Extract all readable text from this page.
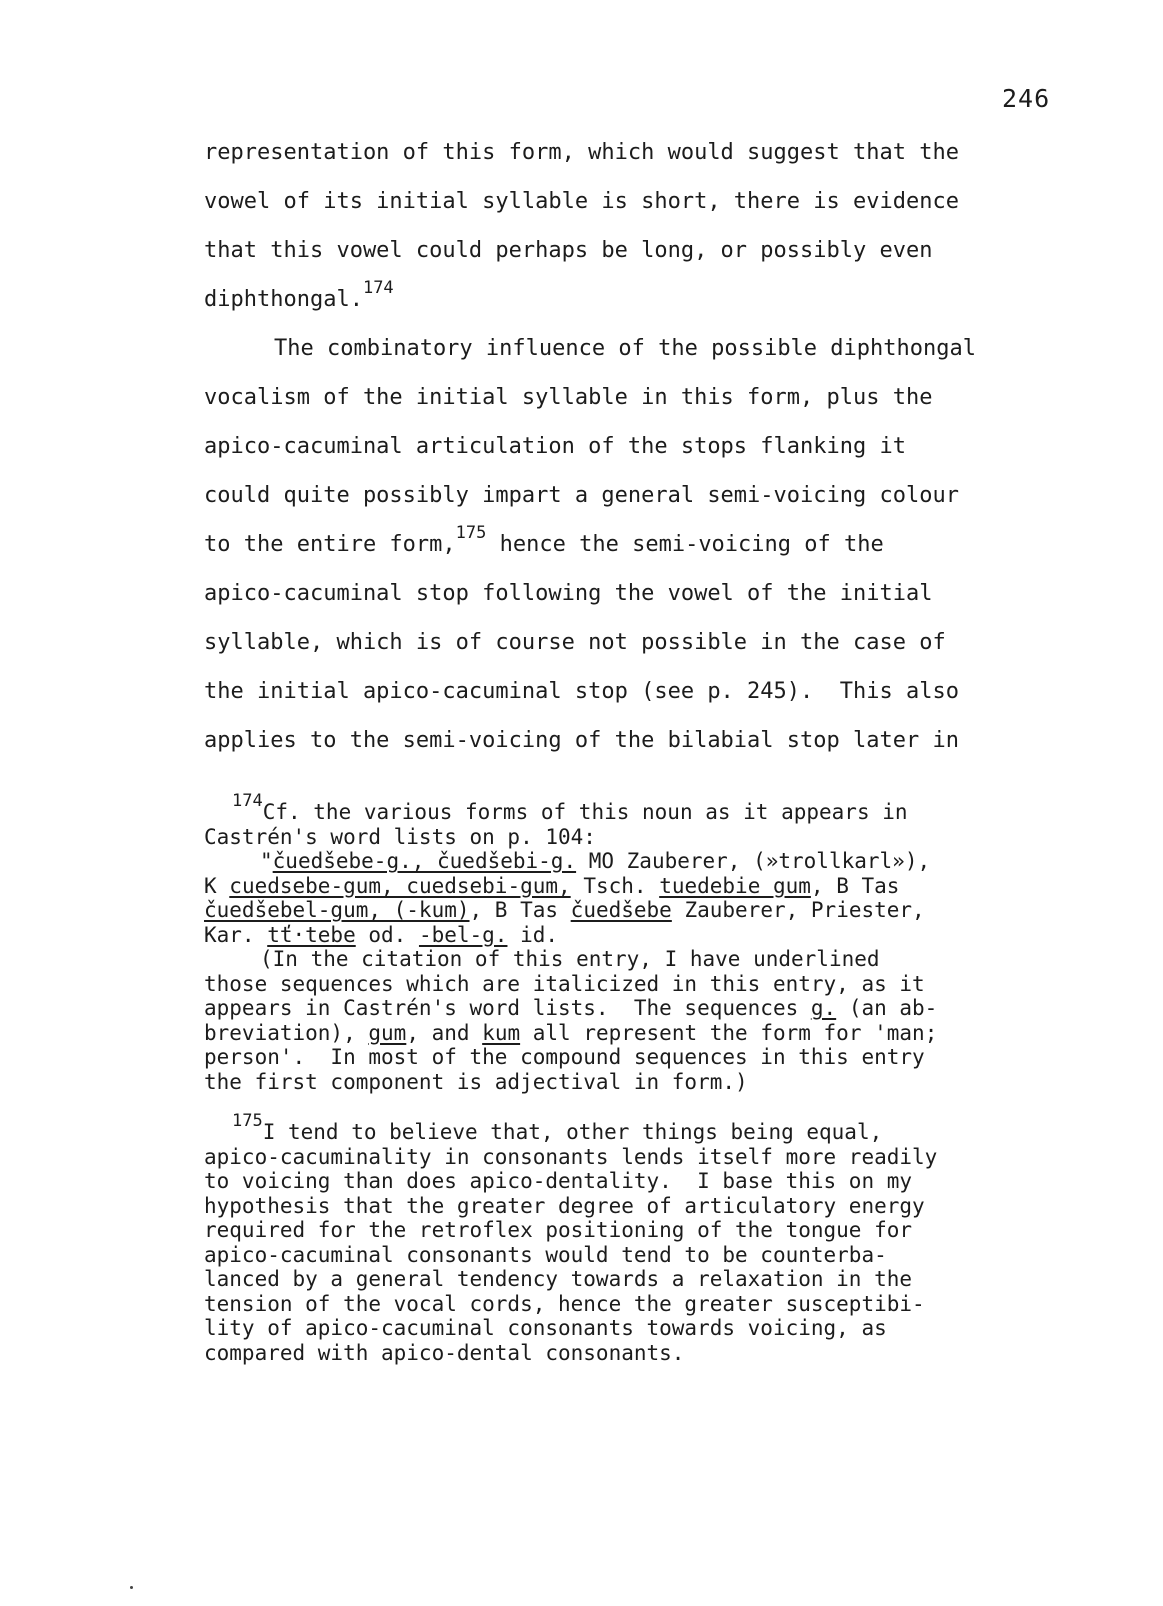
246
representation of this form, which would suggest that the
vowel of its initial syllable is short, there is evidence
that this vowel could perhaps be long, or possibly even
diphthongal.$^{174}$
The combinatory influence of the possible diphthongal
vocalism of the initial syllable in this form, plus the
apico-cacuminal articulation of the stops flanking it
could quite possibly impart a general semi-voicing colour
to the entire form,$^{175}$ hence the semi-voicing of the
apico-cacuminal stop following the vowel of the initial
syllable, which is of course not possible in the case of
the initial apico-cacuminal stop (see p. 245).  This also
applies to the semi-voicing of the bilabial stop later in
$^{174}$Cf. the various forms of this noun as it appears in
Castrén's word lists on p. 104:
"čuedšebe-g., čuedšebi-g. MO Zauberer, (»trollkarl»),
K cuedsebe-gum, cuedsebi-gum, Tsch. tuedebie gum, B Tas
čuedšebel-gum, (-kum), B Tas čuedšebe Zauberer, Priester,
Kar. tť·tebe od. -bel-g. id.
(In the citation of this entry, I have underlined
those sequences which are italicized in this entry, as it
appears in Castrén's word lists.  The sequences g. (an ab-
breviation), gum, and kum all represent the form for 'man;
person'.  In most of the compound sequences in this entry
the first component is adjectival in form.)
$^{175}$I tend to believe that, other things being equal,
apico-cacuminality in consonants lends itself more readily
to voicing than does apico-dentality.  I base this on my
hypothesis that the greater degree of articulatory energy
required for the retroflex positioning of the tongue for
apico-cacuminal consonants would tend to be counterba-
lanced by a general tendency towards a relaxation in the
tension of the vocal cords, hence the greater susceptibi-
lity of apico-cacuminal consonants towards voicing, as
compared with apico-dental consonants.
